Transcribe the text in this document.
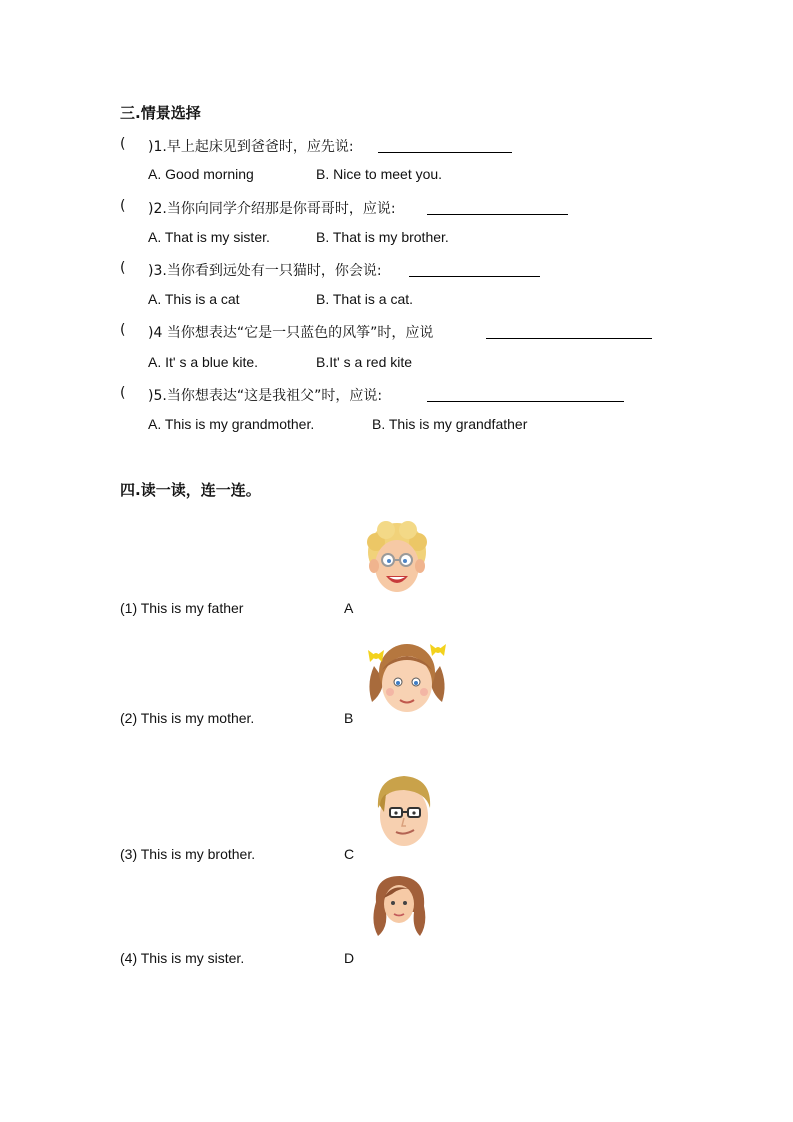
三.情景选择
( )1.早上起床见到爸爸时，应先说:
A. Good morning	B. Nice to meet you.
( )2.当你向同学介绍那是你哥哥时，应说:
A. That is my sister.	B. That is my brother.
( )3.当你看到远处有一只猫时，你会说:
A. This is a cat	B. That is a cat.
( )4 当你想表达“它是一只蓝色的风筝”时，应说
A. It' s a blue kite.	B.It' s a red kite
( )5.当你想表达“这是我祖父”时，应说:
A. This is my grandmother.	B. This is my grandfather
四.读一读，连一连。
(1) This is my father	A
(2) This is my mother.	B
(3) This is my brother.	C
(4) This is my sister.	D
